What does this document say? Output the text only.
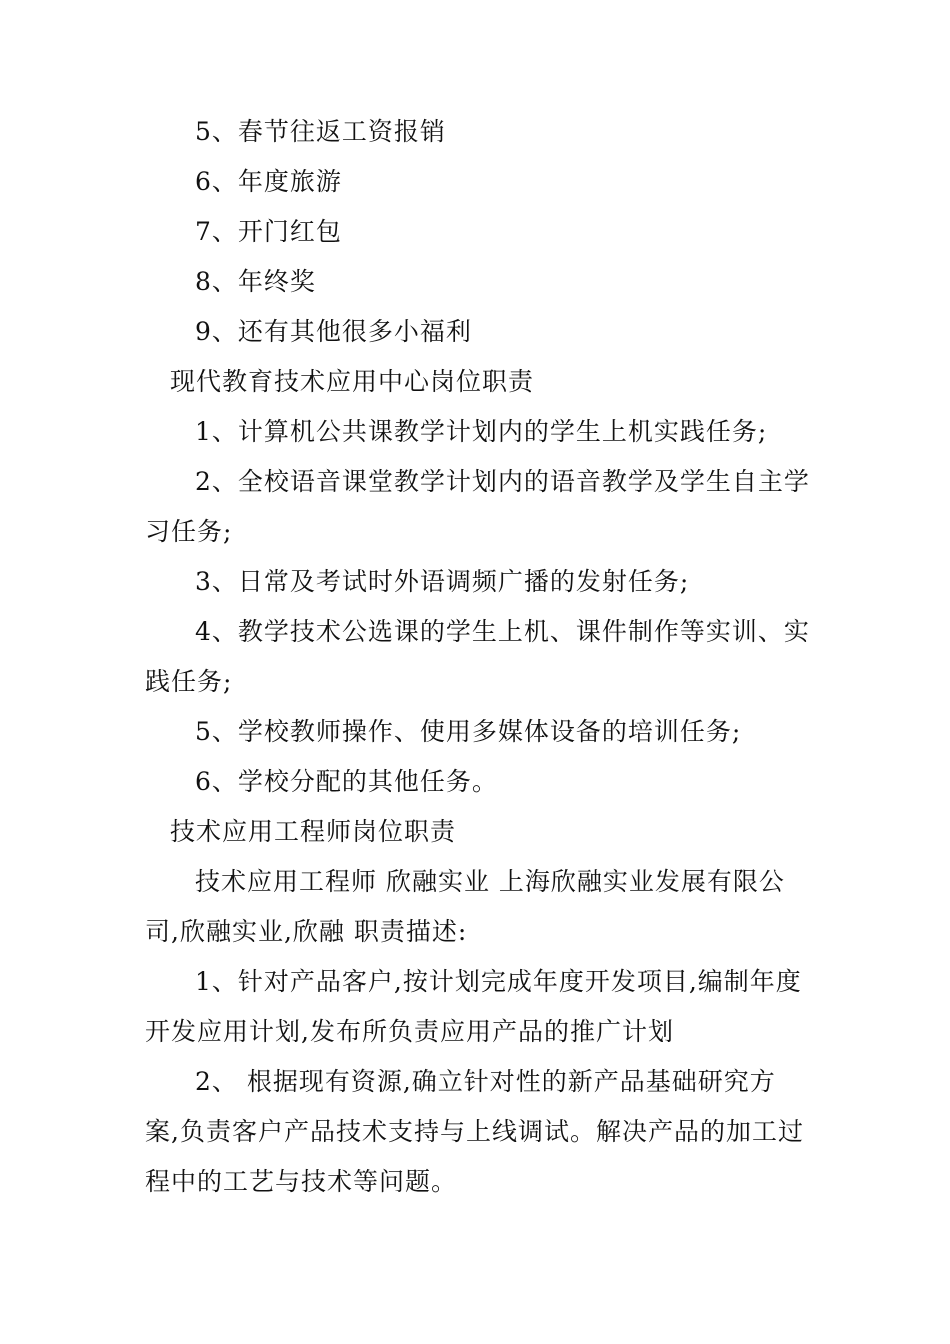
5、春节往返工资报销

6、年度旅游

7、开门红包

8、年终奖

9、还有其他很多小福利

现代教育技术应用中心岗位职责

1、计算机公共课教学计划内的学生上机实践任务;

2、全校语音课堂教学计划内的语音教学及学生自主学习任务;

3、日常及考试时外语调频广播的发射任务;

4、教学技术公选课的学生上机、课件制作等实训、实践任务;

5、学校教师操作、使用多媒体设备的培训任务;

6、学校分配的其他任务。

技术应用工程师岗位职责

技术应用工程师 欣融实业 上海欣融实业发展有限公司,欣融实业,欣融 职责描述:

1、针对产品客户,按计划完成年度开发项目,编制年度开发应用计划,发布所负责应用产品的推广计划

2、 根据现有资源,确立针对性的新产品基础研究方案,负责客户产品技术支持与上线调试。解决产品的加工过程中的工艺与技术等问题。
